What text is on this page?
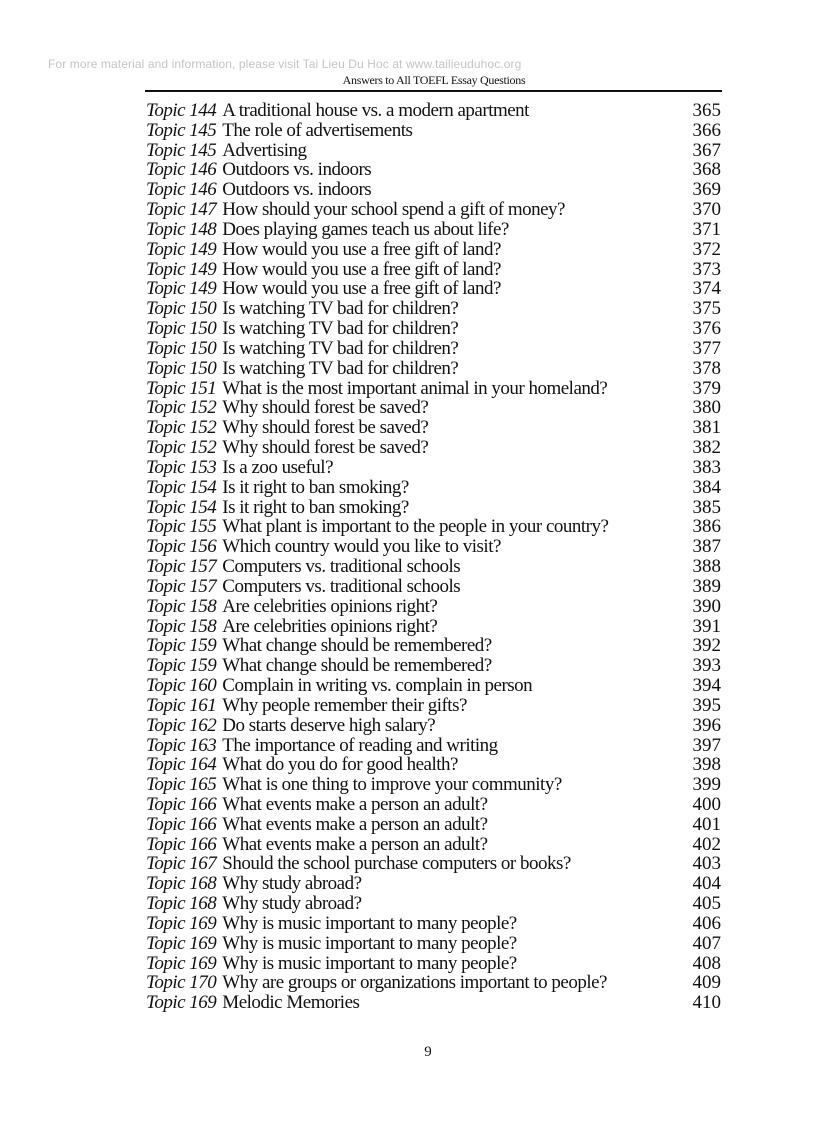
For more material and information, please visit Tai Lieu Du Hoc at www.tailieuduhoc.org
Answers to All TOEFL Essay Questions
Topic 144 A traditional house vs. a modern apartment	365
Topic 145 The role of advertisements	366
Topic 145 Advertising	367
Topic 146 Outdoors vs. indoors	368
Topic 146 Outdoors vs. indoors	369
Topic 147 How should your school spend a gift of money?	370
Topic 148 Does playing games teach us about life?	371
Topic 149 How would you use a free gift of land?	372
Topic 149 How would you use a free gift of land?	373
Topic 149 How would you use a free gift of land?	374
Topic 150 Is watching TV bad for children?	375
Topic 150 Is watching TV bad for children?	376
Topic 150 Is watching TV bad for children?	377
Topic 150 Is watching TV bad for children?	378
Topic 151 What is the most important animal in your homeland?	379
Topic 152 Why should forest be saved?	380
Topic 152 Why should forest be saved?	381
Topic 152 Why should forest be saved?	382
Topic 153 Is a zoo useful?	383
Topic 154 Is it right to ban smoking?	384
Topic 154 Is it right to ban smoking?	385
Topic 155 What plant is important to the people in your country?	386
Topic 156 Which country would you like to visit?	387
Topic 157 Computers vs. traditional schools	388
Topic 157 Computers vs. traditional schools	389
Topic 158 Are celebrities opinions right?	390
Topic 158 Are celebrities opinions right?	391
Topic 159 What change should be remembered?	392
Topic 159 What change should be remembered?	393
Topic 160 Complain in writing vs. complain in person	394
Topic 161 Why people remember their gifts?	395
Topic 162 Do starts deserve high salary?	396
Topic 163 The importance of reading and writing	397
Topic 164 What do you do for good health?	398
Topic 165 What is one thing to improve your community?	399
Topic 166 What events make a person an adult?	400
Topic 166 What events make a person an adult?	401
Topic 166 What events make a person an adult?	402
Topic 167 Should the school purchase computers or books?	403
Topic 168 Why study abroad?	404
Topic 168 Why study abroad?	405
Topic 169 Why is music important to many people?	406
Topic 169 Why is music important to many people?	407
Topic 169 Why is music important to many people?	408
Topic 170 Why are groups or organizations important to people?	409
Topic 169 Melodic Memories	410
9
